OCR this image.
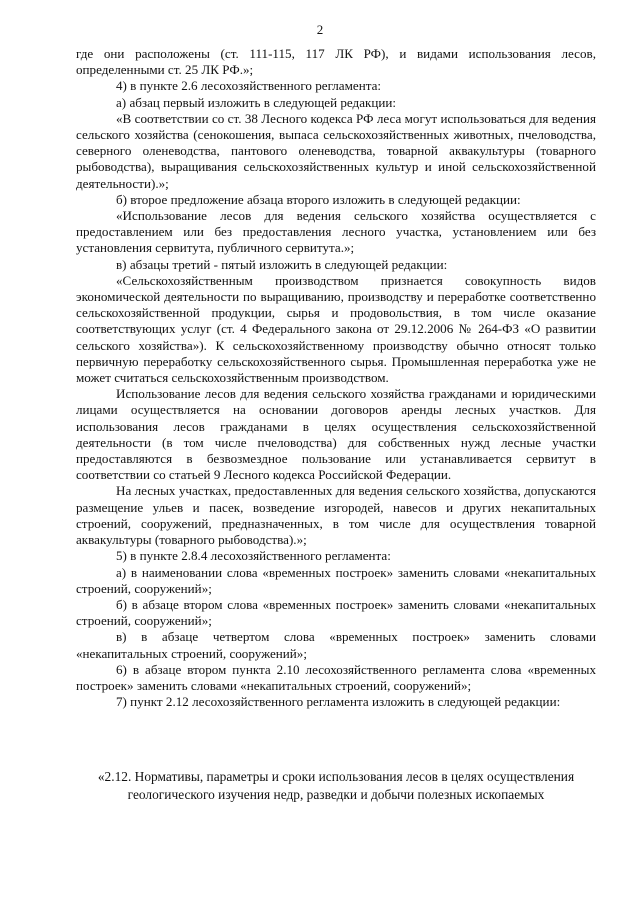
2

где они расположены (ст. 111-115, 117 ЛК РФ), и видами использования лесов, определенными ст. 25 ЛК РФ.»;

4) в пункте 2.6 лесохозяйственного регламента:

а) абзац первый изложить в следующей редакции:

«В соответствии со ст. 38 Лесного кодекса РФ леса могут использоваться для ведения сельского хозяйства (сенокошения, выпаса сельскохозяйственных животных, пчеловодства, северного оленеводства, пантового оленеводства, товарной аквакультуры (товарного рыбоводства), выращивания сельскохозяйственных культур и иной сельскохозяйственной деятельности).»;

б) второе предложение абзаца второго изложить в следующей редакции:

«Использование лесов для ведения сельского хозяйства осуществляется с предоставлением или без предоставления лесного участка, установлением или без установления сервитута, публичного сервитута.»;

в) абзацы третий - пятый изложить в следующей редакции:

«Сельскохозяйственным производством признается совокупность видов экономической деятельности по выращиванию, производству и переработке соответственно сельскохозяйственной продукции, сырья и продовольствия, в том числе оказание соответствующих услуг (ст. 4 Федерального закона от 29.12.2006 № 264-ФЗ «О развитии сельского хозяйства»). К сельскохозяйственному производству обычно относят только первичную переработку сельскохозяйственного сырья. Промышленная переработка уже не может считаться сельскохозяйственным производством.

Использование лесов для ведения сельского хозяйства гражданами и юридическими лицами осуществляется на основании договоров аренды лесных участков. Для использования лесов гражданами в целях осуществления сельскохозяйственной деятельности (в том числе пчеловодства) для собственных нужд лесные участки предоставляются в безвозмездное пользование или устанавливается сервитут в соответствии со статьей 9 Лесного кодекса Российской Федерации.

На лесных участках, предоставленных для ведения сельского хозяйства, допускаются размещение ульев и пасек, возведение изгородей, навесов и других некапитальных строений, сооружений, предназначенных, в том числе для осуществления товарной аквакультуры (товарного рыбоводства).»;

5) в пункте 2.8.4 лесохозяйственного регламента:

а) в наименовании слова «временных построек» заменить словами «некапитальных строений, сооружений»;

б) в абзаце втором слова «временных построек» заменить словами «некапитальных строений, сооружений»;

в) в абзаце четвертом слова «временных построек» заменить словами «некапитальных строений, сооружений»;

6) в абзаце втором пункта 2.10 лесохозяйственного регламента слова «временных построек» заменить словами «некапитальных строений, сооружений»;

7) пункт 2.12 лесохозяйственного регламента изложить в следующей редакции:

«2.12. Нормативы, параметры и сроки использования лесов в целях осуществления геологического изучения недр, разведки и добычи полезных ископаемых
